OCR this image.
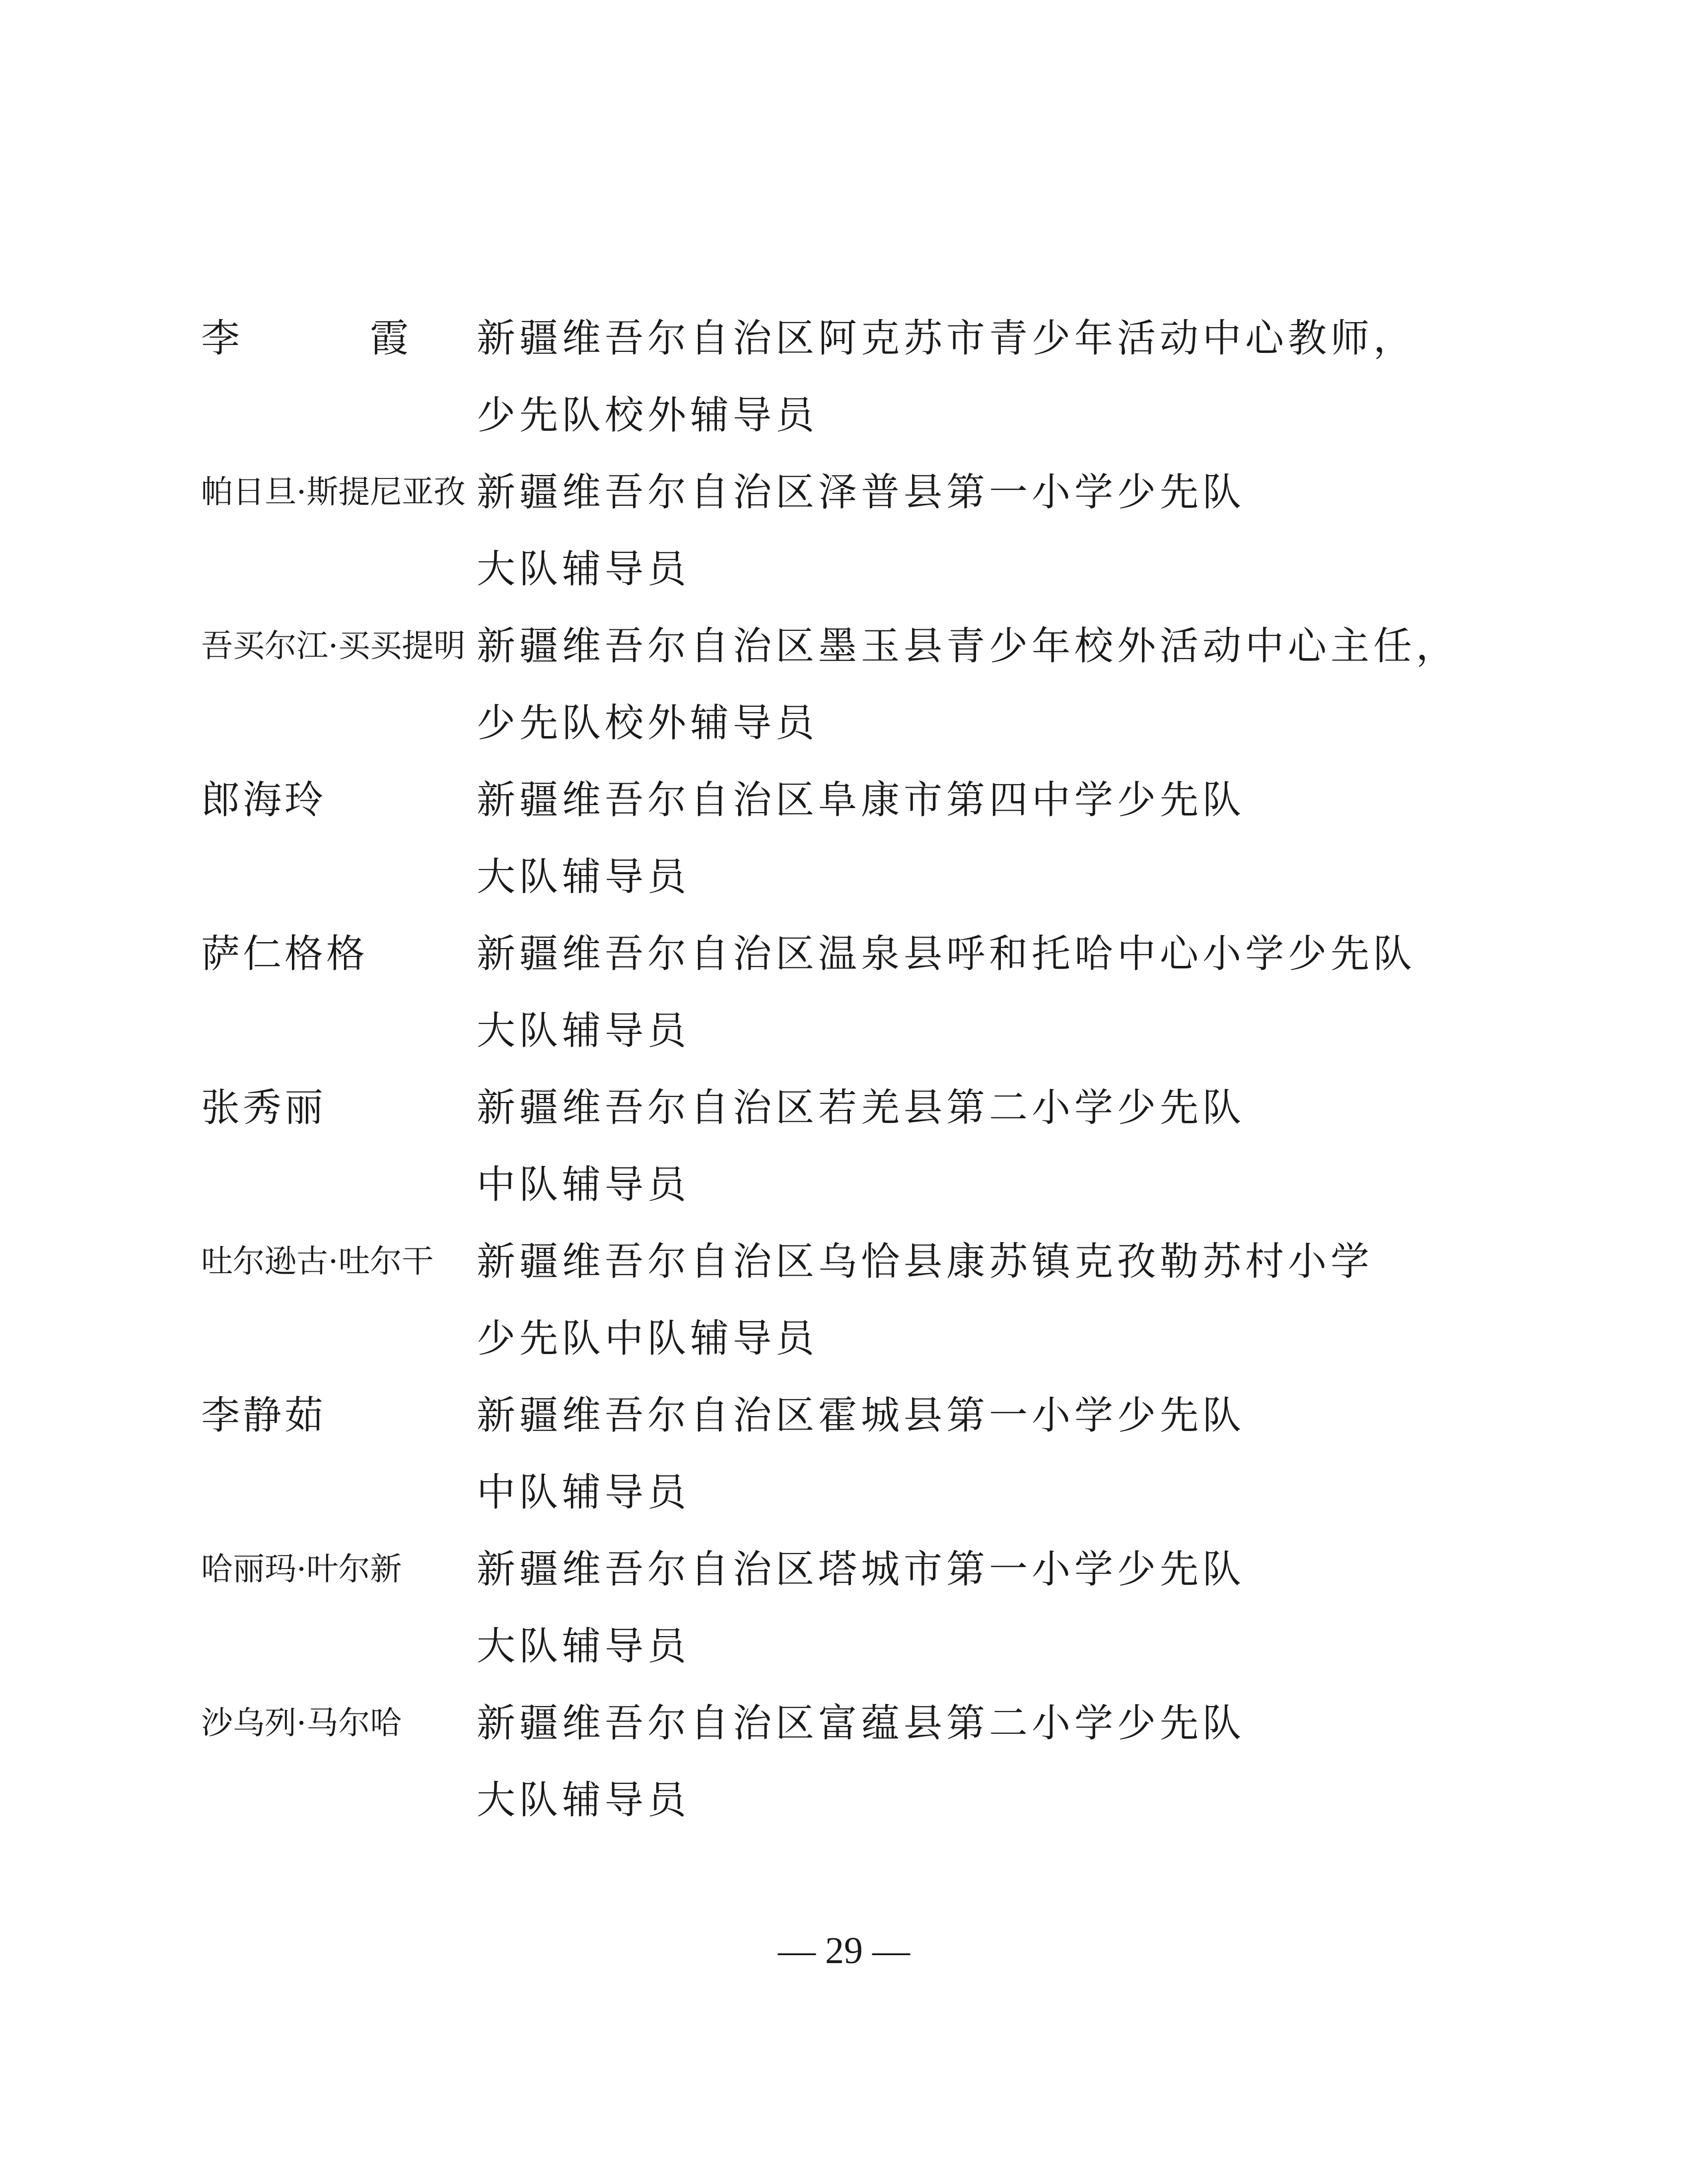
李　霞 新疆维吾尔自治区阿克苏市青少年活动中心教师，
少先队校外辅导员
帕日旦·斯提尼亚孜 新疆维吾尔自治区泽普县第一小学少先队
大队辅导员
吾买尔江·买买提明 新疆维吾尔自治区墨玉县青少年校外活动中心主任，
少先队校外辅导员
郎海玲	新疆维吾尔自治区阜康市第四中学少先队
大队辅导员
萨仁格格	新疆维吾尔自治区温泉县呼和托哈中心小学少先队
大队辅导员
张秀丽	新疆维吾尔自治区若羌县第二小学少先队
中队辅导员
吐尔逊古·吐尔干	新疆维吾尔自治区乌恰县康苏镇克孜勒苏村小学
少先队中队辅导员
李静茹	新疆维吾尔自治区霍城县第一小学少先队
中队辅导员
哈丽玛·叶尔新	新疆维吾尔自治区塔城市第一小学少先队
大队辅导员
沙乌列·马尔哈	新疆维吾尔自治区富蕴县第二小学少先队
大队辅导员
— 29 —
